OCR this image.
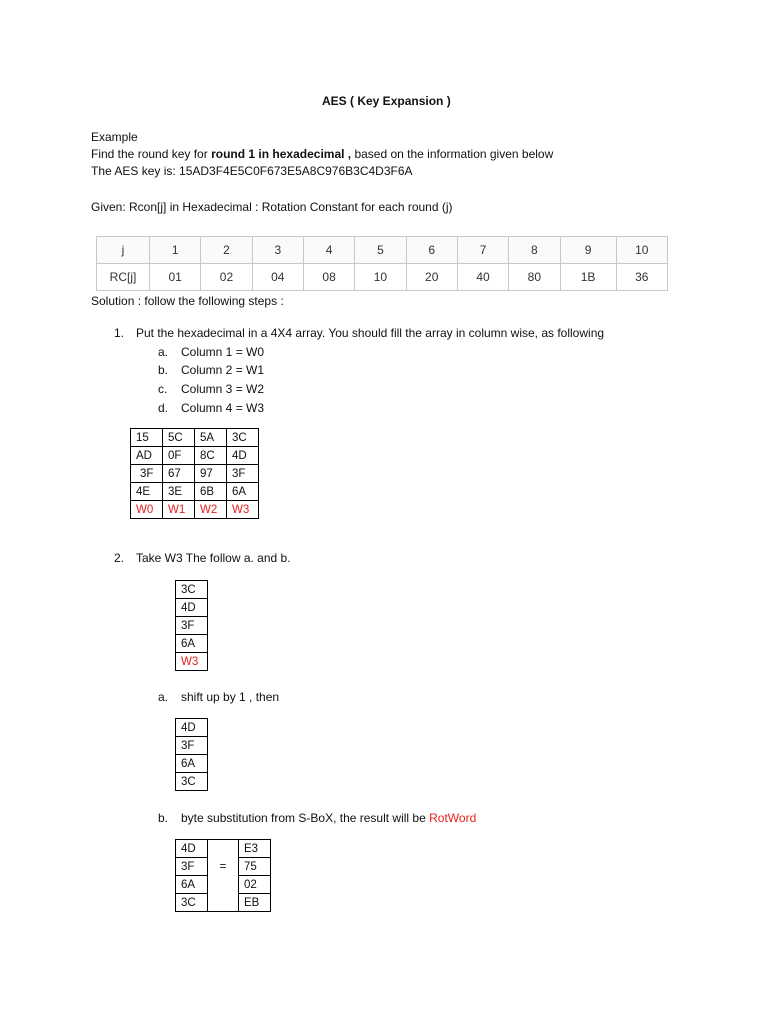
AES ( Key Expansion )
Example
Find the round key for round 1 in hexadecimal , based on the information given below
The AES key is: 15AD3F4E5C0F673E5A8C976B3C4D3F6A
Given: Rcon[j] in Hexadecimal : Rotation Constant for each round (j)
j	1	2	3	4	5	6	7	8	9	10
RC[j]	01	02	04	08	10	20	40	80	1B	36
Solution : follow the following steps :
1. Put the hexadecimal in a 4X4 array. You should fill the array in column wise, as following
a. Column 1 = W0
b. Column 2 = W1
c. Column 3 = W2
d. Column 4 = W3
15	5C	5A	3C
AD	0F	8C	4D
3F	67	97	3F
4E	3E	6B	6A
W0	W1	W2	W3
2. Take W3 The follow a. and b.
3C
4D
3F
6A
W3
a. shift up by 1 , then
4D
3F
6A
3C
b. byte substitution from S-BoX, the result will be RotWord
4D		E3
3F	=	75
6A		02
3C		EB
